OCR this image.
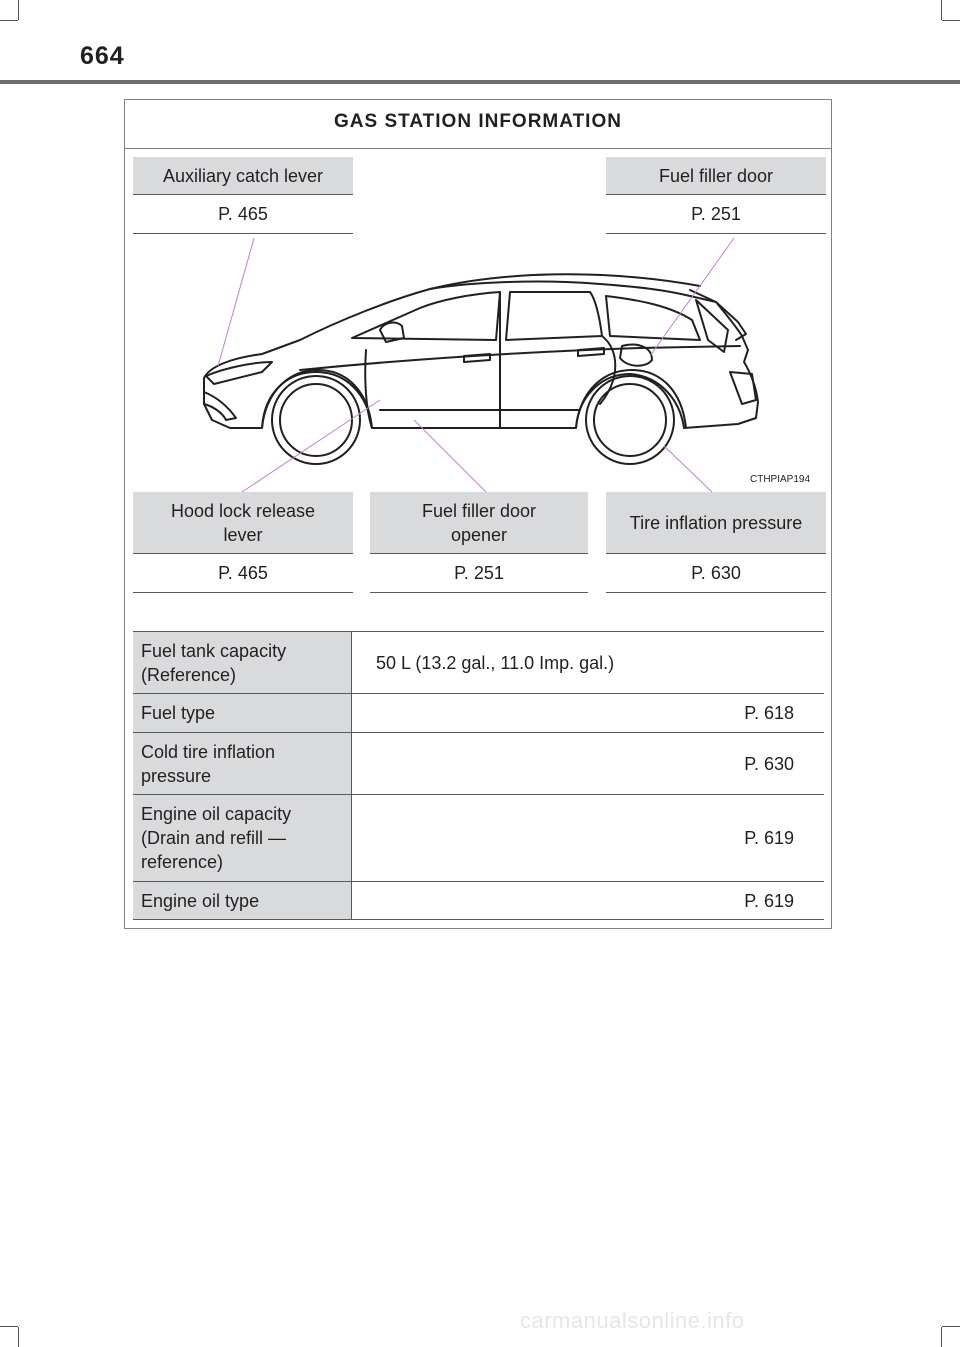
664
GAS STATION INFORMATION
CTHPIAP194
Auxiliary catch lever
P. 465
Fuel filler door
P. 251
Hood lock release lever
P. 465
Fuel filler door opener
P. 251
Tire inflation pressure
P. 630
Fuel tank capacity (Reference)
50 L (13.2 gal., 11.0 Imp. gal.)
Fuel type	P. 618
Cold tire inflation pressure
P. 630
Engine oil capacity (Drain and refill — reference)
P. 619
Engine oil type	P. 619
carmanualsonline.info
